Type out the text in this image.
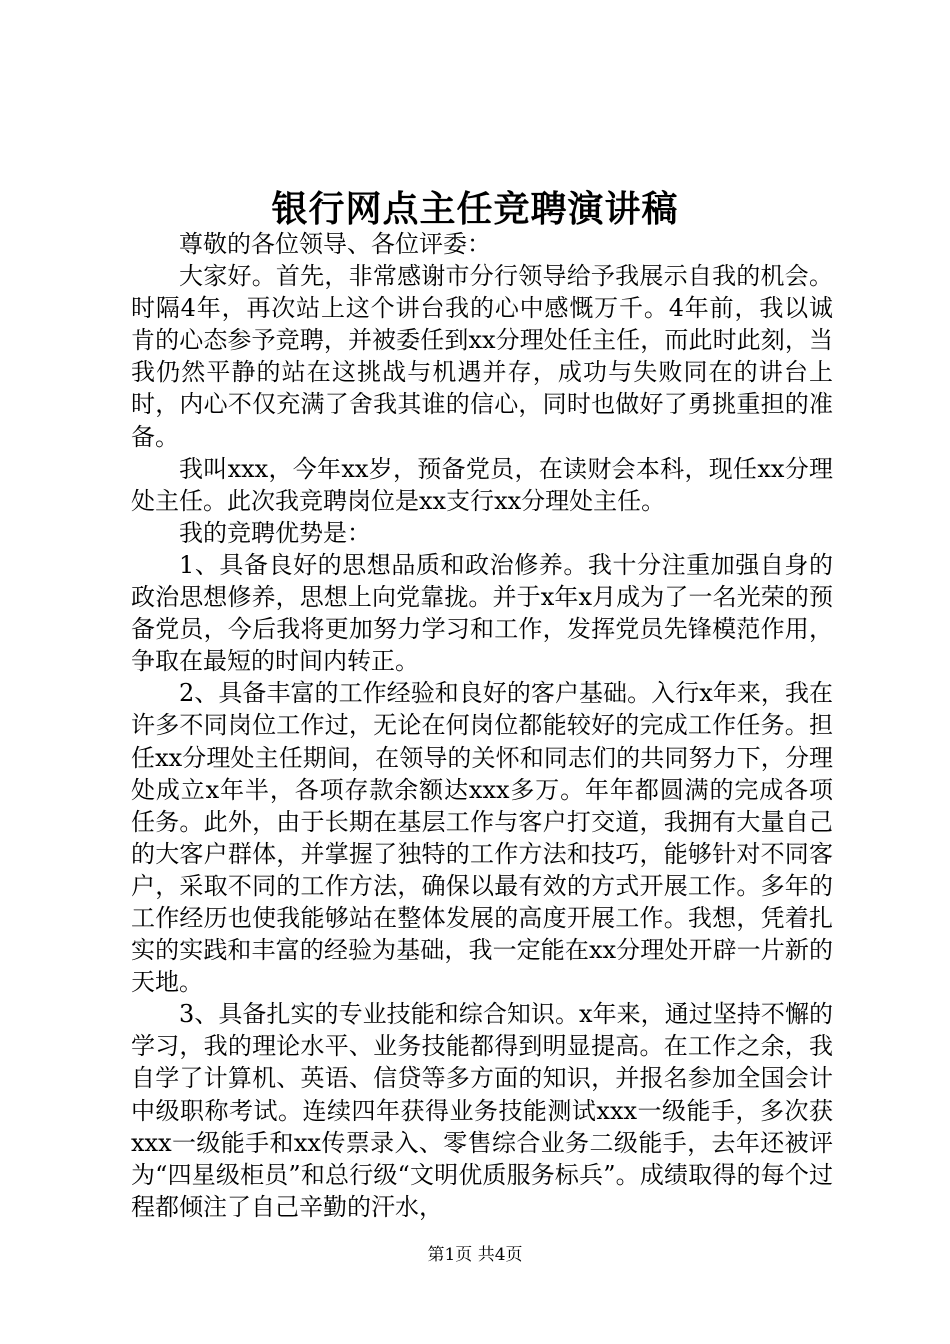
银行网点主任竞聘演讲稿

尊敬的各位领导、各位评委：

大家好。首先，非常感谢市分行领导给予我展示自我的机会。时隔4年，再次站上这个讲台我的心中感慨万千。4年前，我以诚肯的心态参予竞聘，并被委任到xx分理处任主任，而此时此刻，当我仍然平静的站在这挑战与机遇并存，成功与失败同在的讲台上时，内心不仅充满了舍我其谁的信心，同时也做好了勇挑重担的准备。

我叫xxx，今年xx岁，预备党员，在读财会本科，现任xx分理处主任。此次我竞聘岗位是xx支行xx分理处主任。

我的竞聘优势是：

1、具备良好的思想品质和政治修养。我十分注重加强自身的政治思想修养，思想上向党靠拢。并于x年x月成为了一名光荣的预备党员，今后我将更加努力学习和工作，发挥党员先锋模范作用，争取在最短的时间内转正。

2、具备丰富的工作经验和良好的客户基础。入行x年来，我在许多不同岗位工作过，无论在何岗位都能较好的完成工作任务。担任xx分理处主任期间，在领导的关怀和同志们的共同努力下，分理处成立x年半，各项存款余额达xxx多万。年年都圆满的完成各项任务。此外，由于长期在基层工作与客户打交道，我拥有大量自己的大客户群体，并掌握了独特的工作方法和技巧，能够针对不同客户，采取不同的工作方法，确保以最有效的方式开展工作。多年的工作经历也使我能够站在整体发展的高度开展工作。我想，凭着扎实的实践和丰富的经验为基础，我一定能在xx分理处开辟一片新的天地。

3、具备扎实的专业技能和综合知识。x年来，通过坚持不懈的学习，我的理论水平、业务技能都得到明显提高。在工作之余，我自学了计算机、英语、信贷等多方面的知识，并报名参加全国会计中级职称考试。连续四年获得业务技能测试xxx一级能手，多次获xxx一级能手和xx传票录入、零售综合业务二级能手，去年还被评为“四星级柜员”和总行级“文明优质服务标兵”。成绩取得的每个过程都倾注了自己辛勤的汗水，

第1页 共4页
